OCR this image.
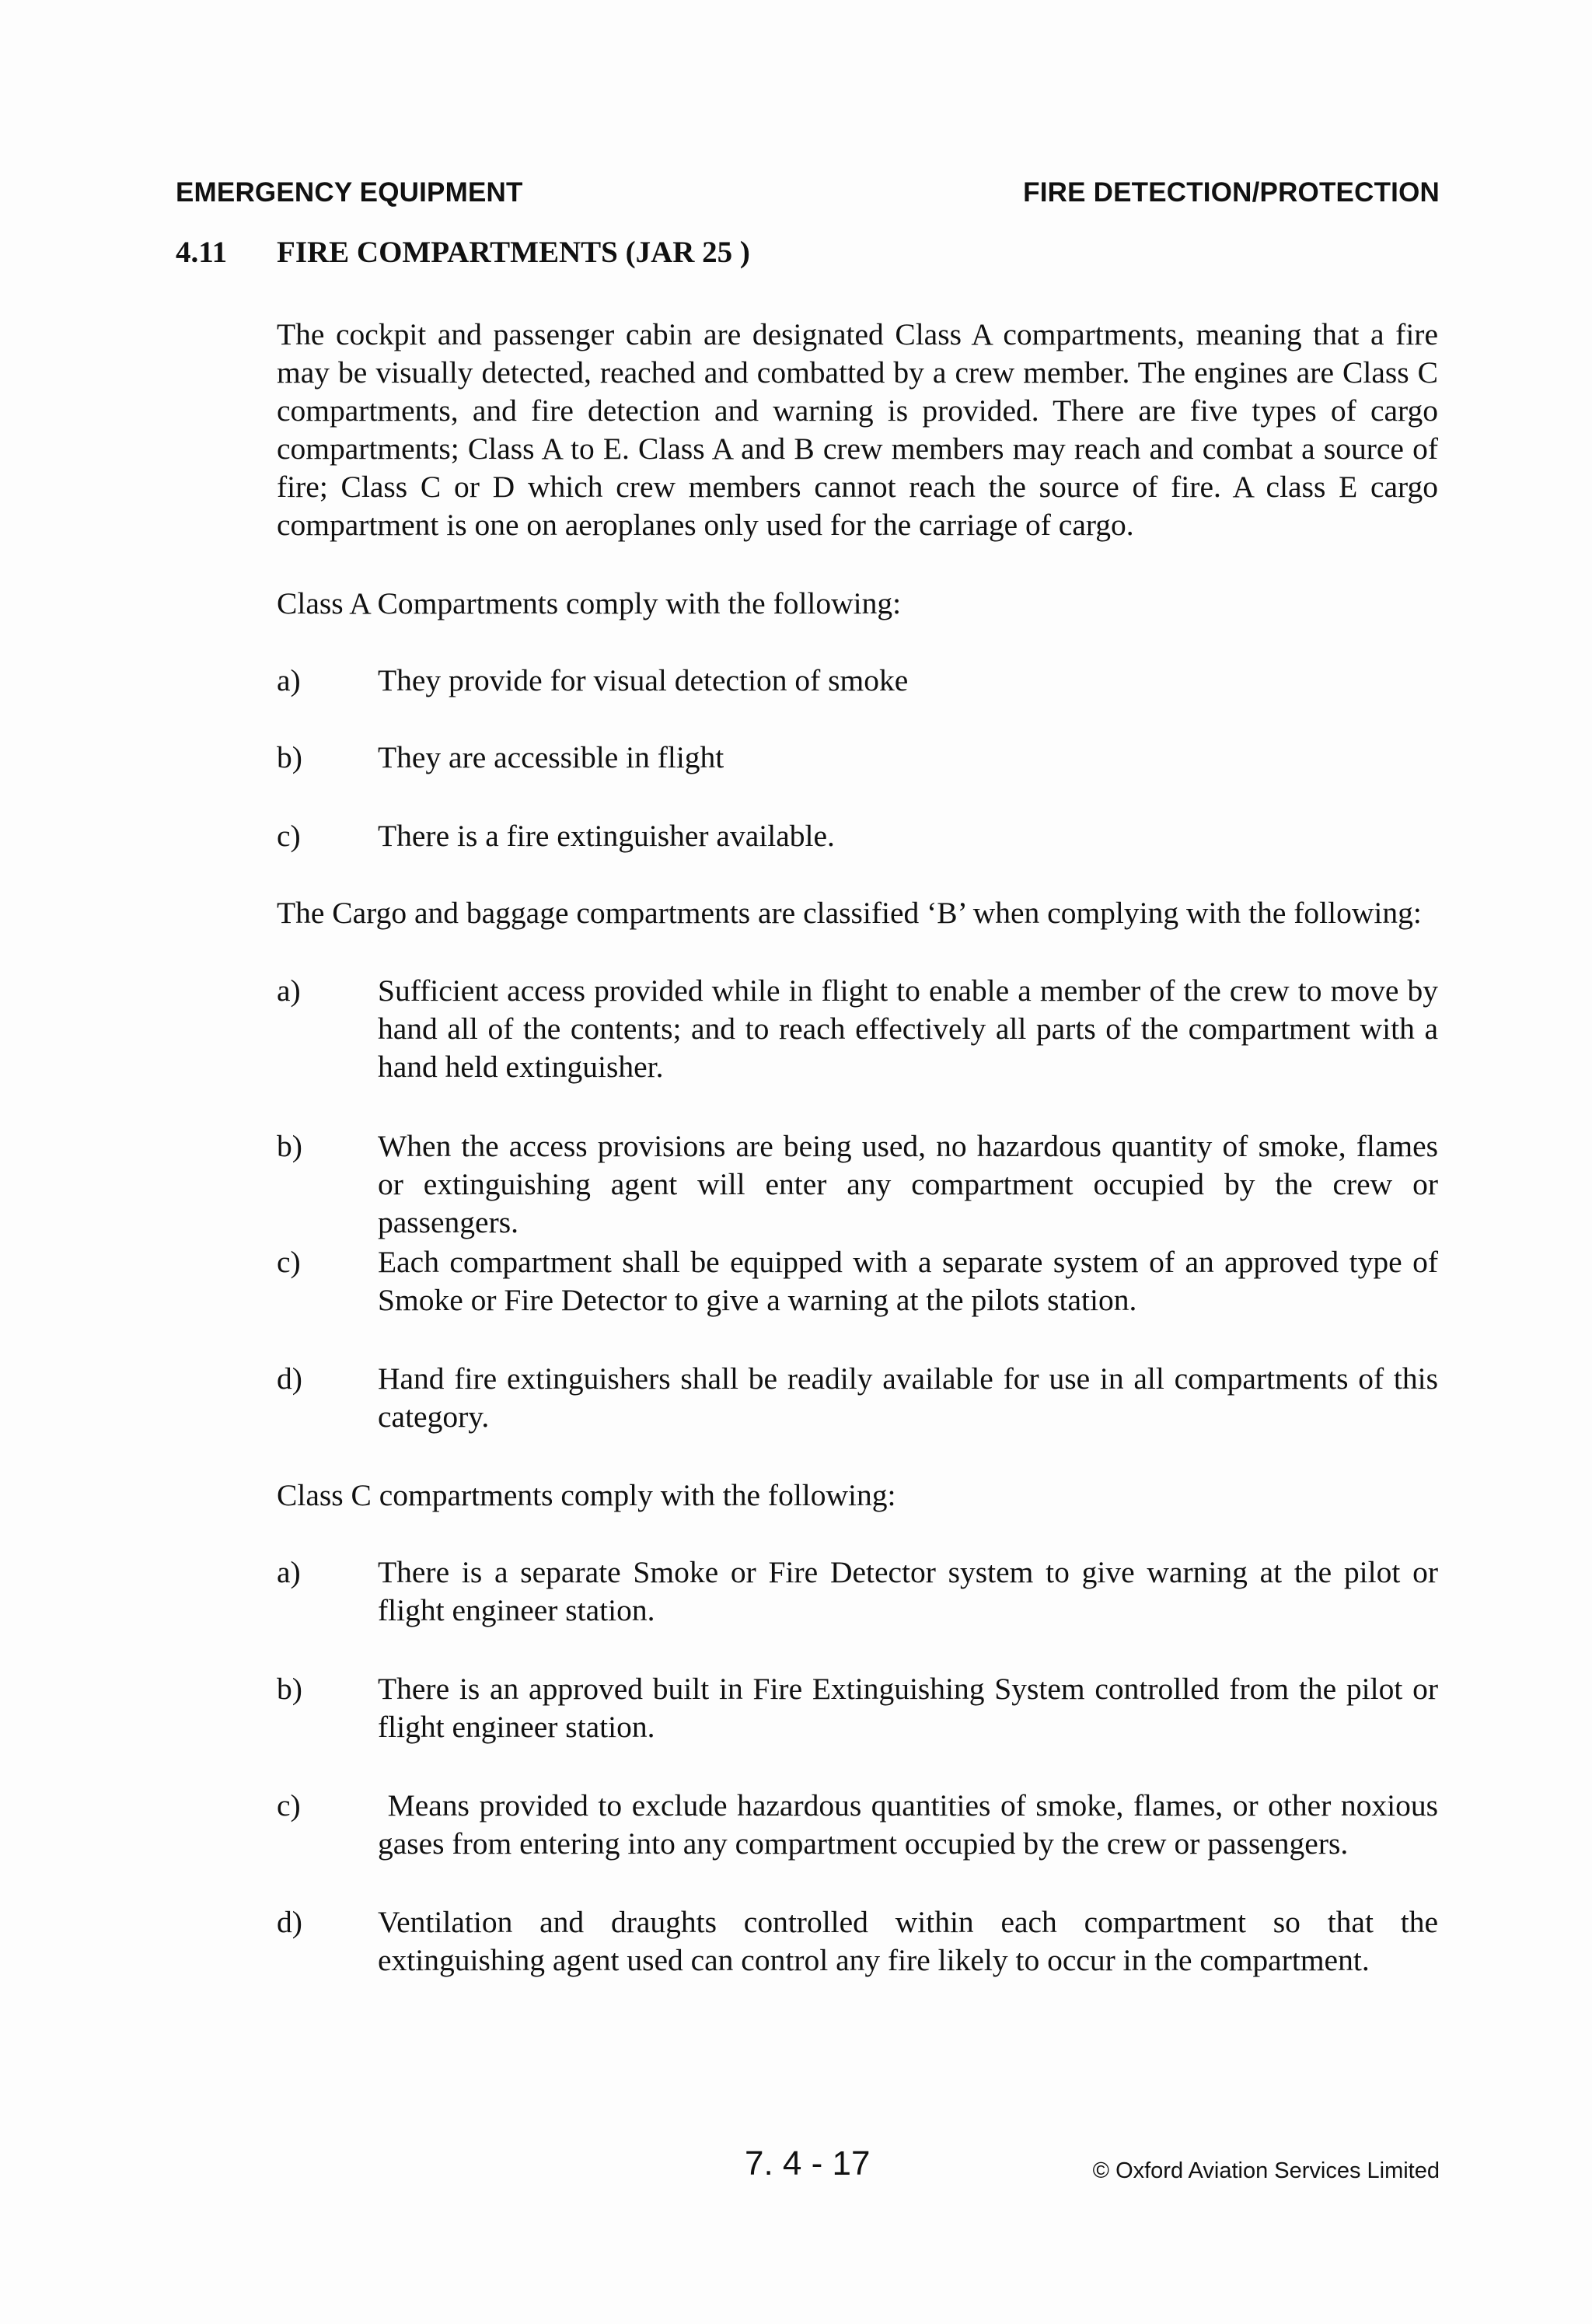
EMERGENCY EQUIPMENT	FIRE DETECTION/PROTECTION
4.11 FIRE COMPARTMENTS (JAR 25 )

The cockpit and passenger cabin are designated Class A compartments, meaning that a fire may be visually detected, reached and combatted by a crew member. The engines are Class C compartments, and fire detection and warning is provided. There are five types of cargo compartments; Class A to E. Class A and B crew members may reach and combat a source of fire; Class C or D which crew members cannot reach the source of fire. A class E cargo compartment is one on aeroplanes only used for the carriage of cargo.

Class A Compartments comply with the following:

a)	They provide for visual detection of smoke

b) They are accessible in flight

c)	There is a fire extinguisher available.

The Cargo and baggage compartments are classified ‘B’ when complying with the following:

a)	Sufficient access provided while in flight to enable a member of the crew to move by hand all of the contents; and to reach effectively all parts of the compartment with a hand held extinguisher.

b) When the access provisions are being used, no hazardous quantity of smoke, flames or extinguishing agent will enter any compartment occupied by the crew or passengers.

c)	Each compartment shall be equipped with a separate system of an approved type of Smoke or Fire Detector to give a warning at the pilots station.

d) Hand fire extinguishers shall be readily available for use in all compartments of this category.

Class C compartments comply with the following:

a)	There is a separate Smoke or Fire Detector system to give warning at the pilot or flight engineer station.

b) There is an approved built in Fire Extinguishing System controlled from the pilot or flight engineer station.

c)	Means provided to exclude hazardous quantities of smoke, flames, or other noxious gases from entering into any compartment occupied by the crew or passengers.

d) Ventilation and draughts controlled within each compartment so that the extinguishing agent used can control any fire likely to occur in the compartment.

7. 4 - 17	© Oxford Aviation Services Limited
